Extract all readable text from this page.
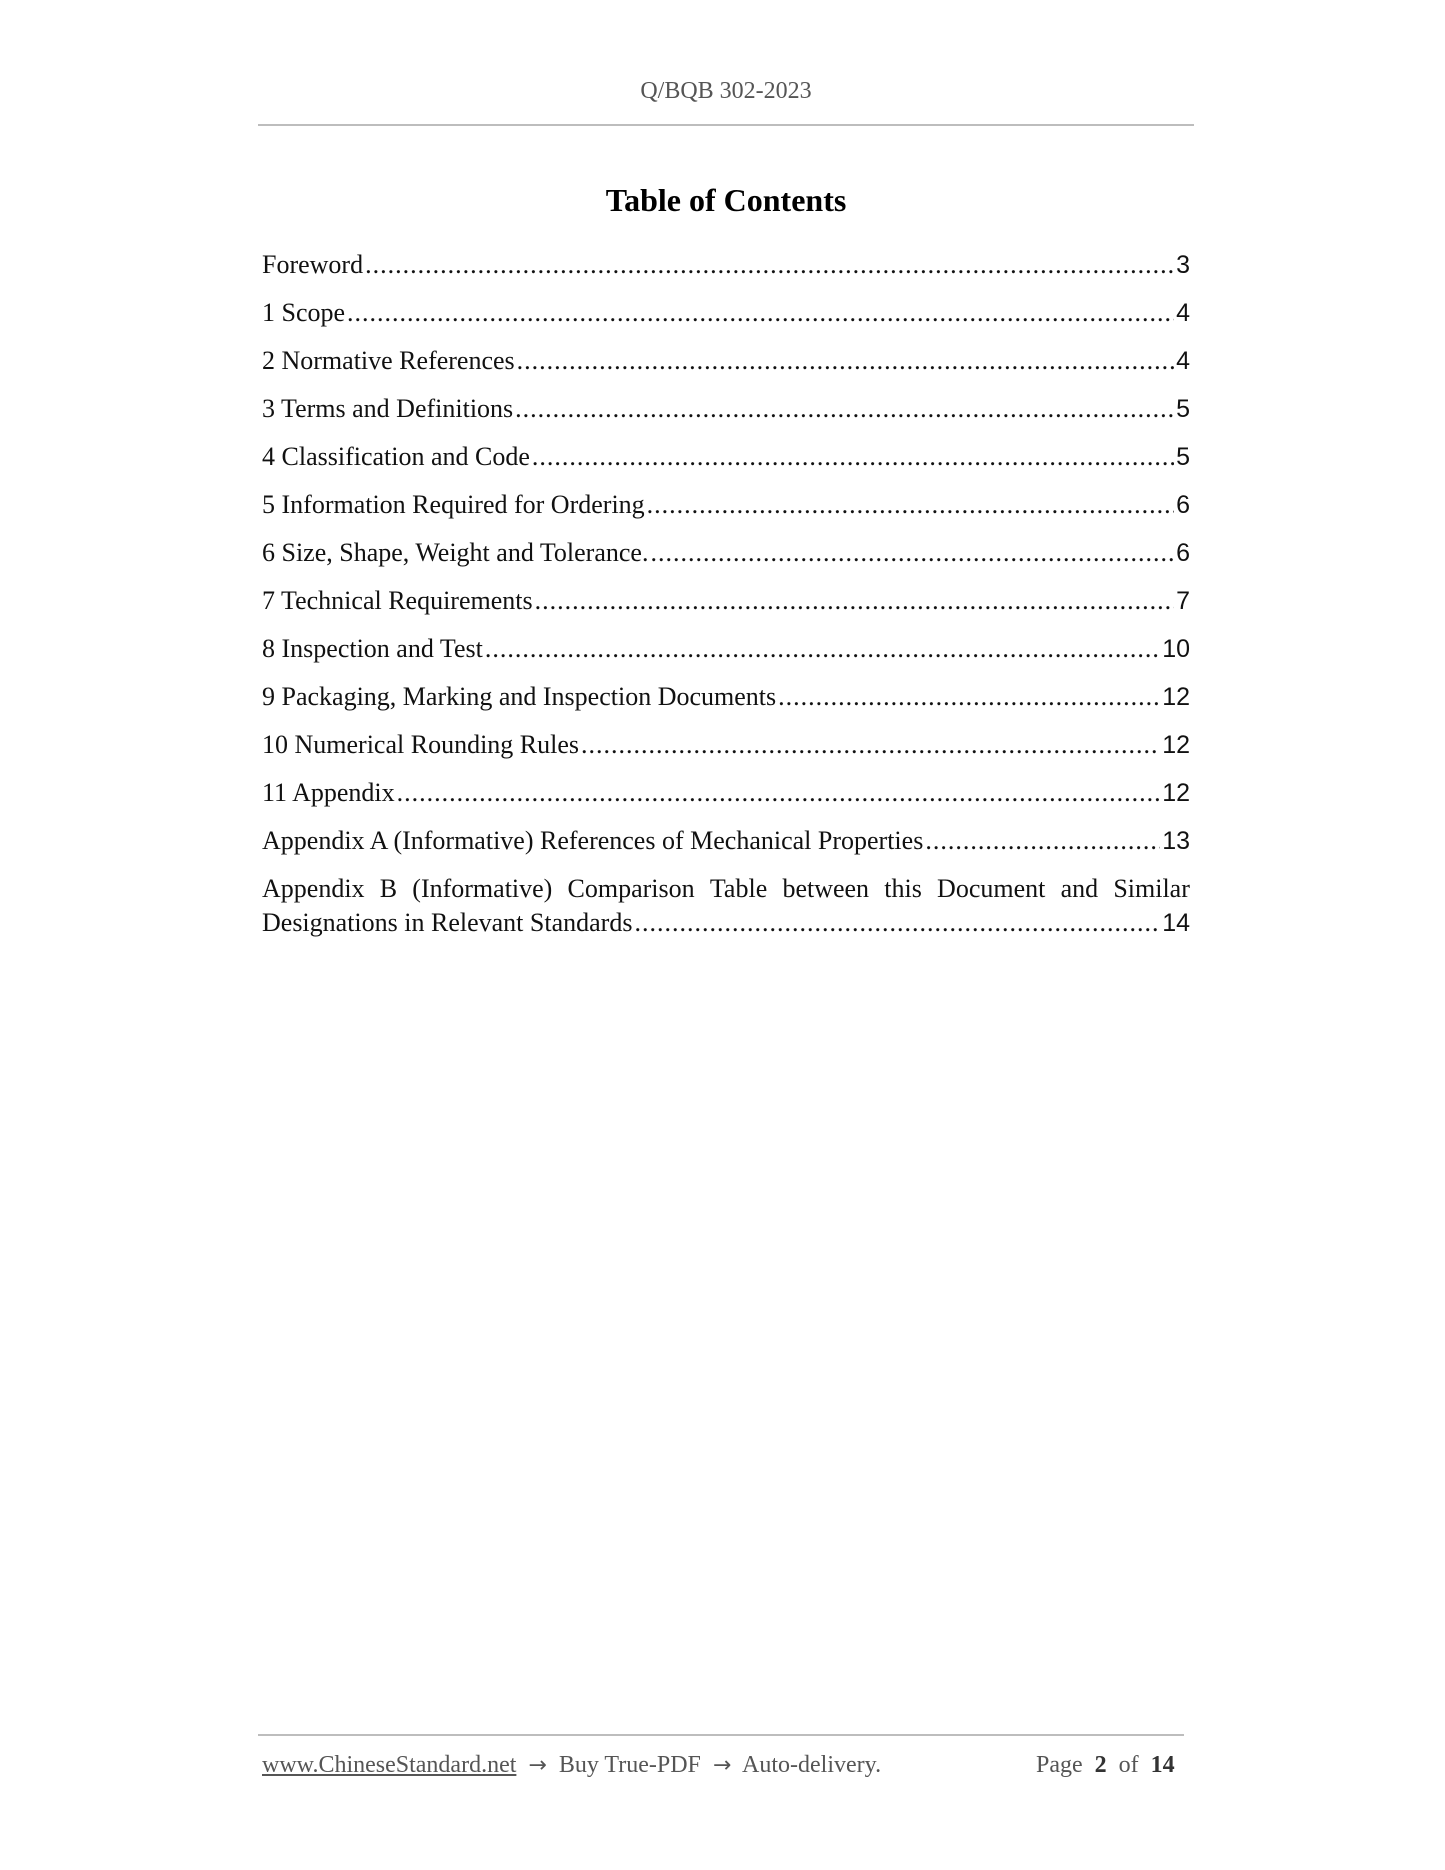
Q/BQB 302-2023
Table of Contents
Foreword .....	3
1 Scope .....	4
2 Normative References .....	4
3 Terms and Definitions .....	5
4 Classification and Code .....	5
5 Information Required for Ordering .....	6
6 Size, Shape, Weight and Tolerance. .....	6
7 Technical Requirements .....	7
8 Inspection and Test .....	10
9 Packaging, Marking and Inspection Documents .....	12
10 Numerical Rounding Rules .....	12
11 Appendix .....	12
Appendix A (Informative) References of Mechanical Properties .....	13
Appendix B (Informative) Comparison Table between this Document and Similar
Designations in Relevant Standards .....	14
www.ChineseStandard.net → Buy True-PDF → Auto-delivery.	Page 2 of 14
